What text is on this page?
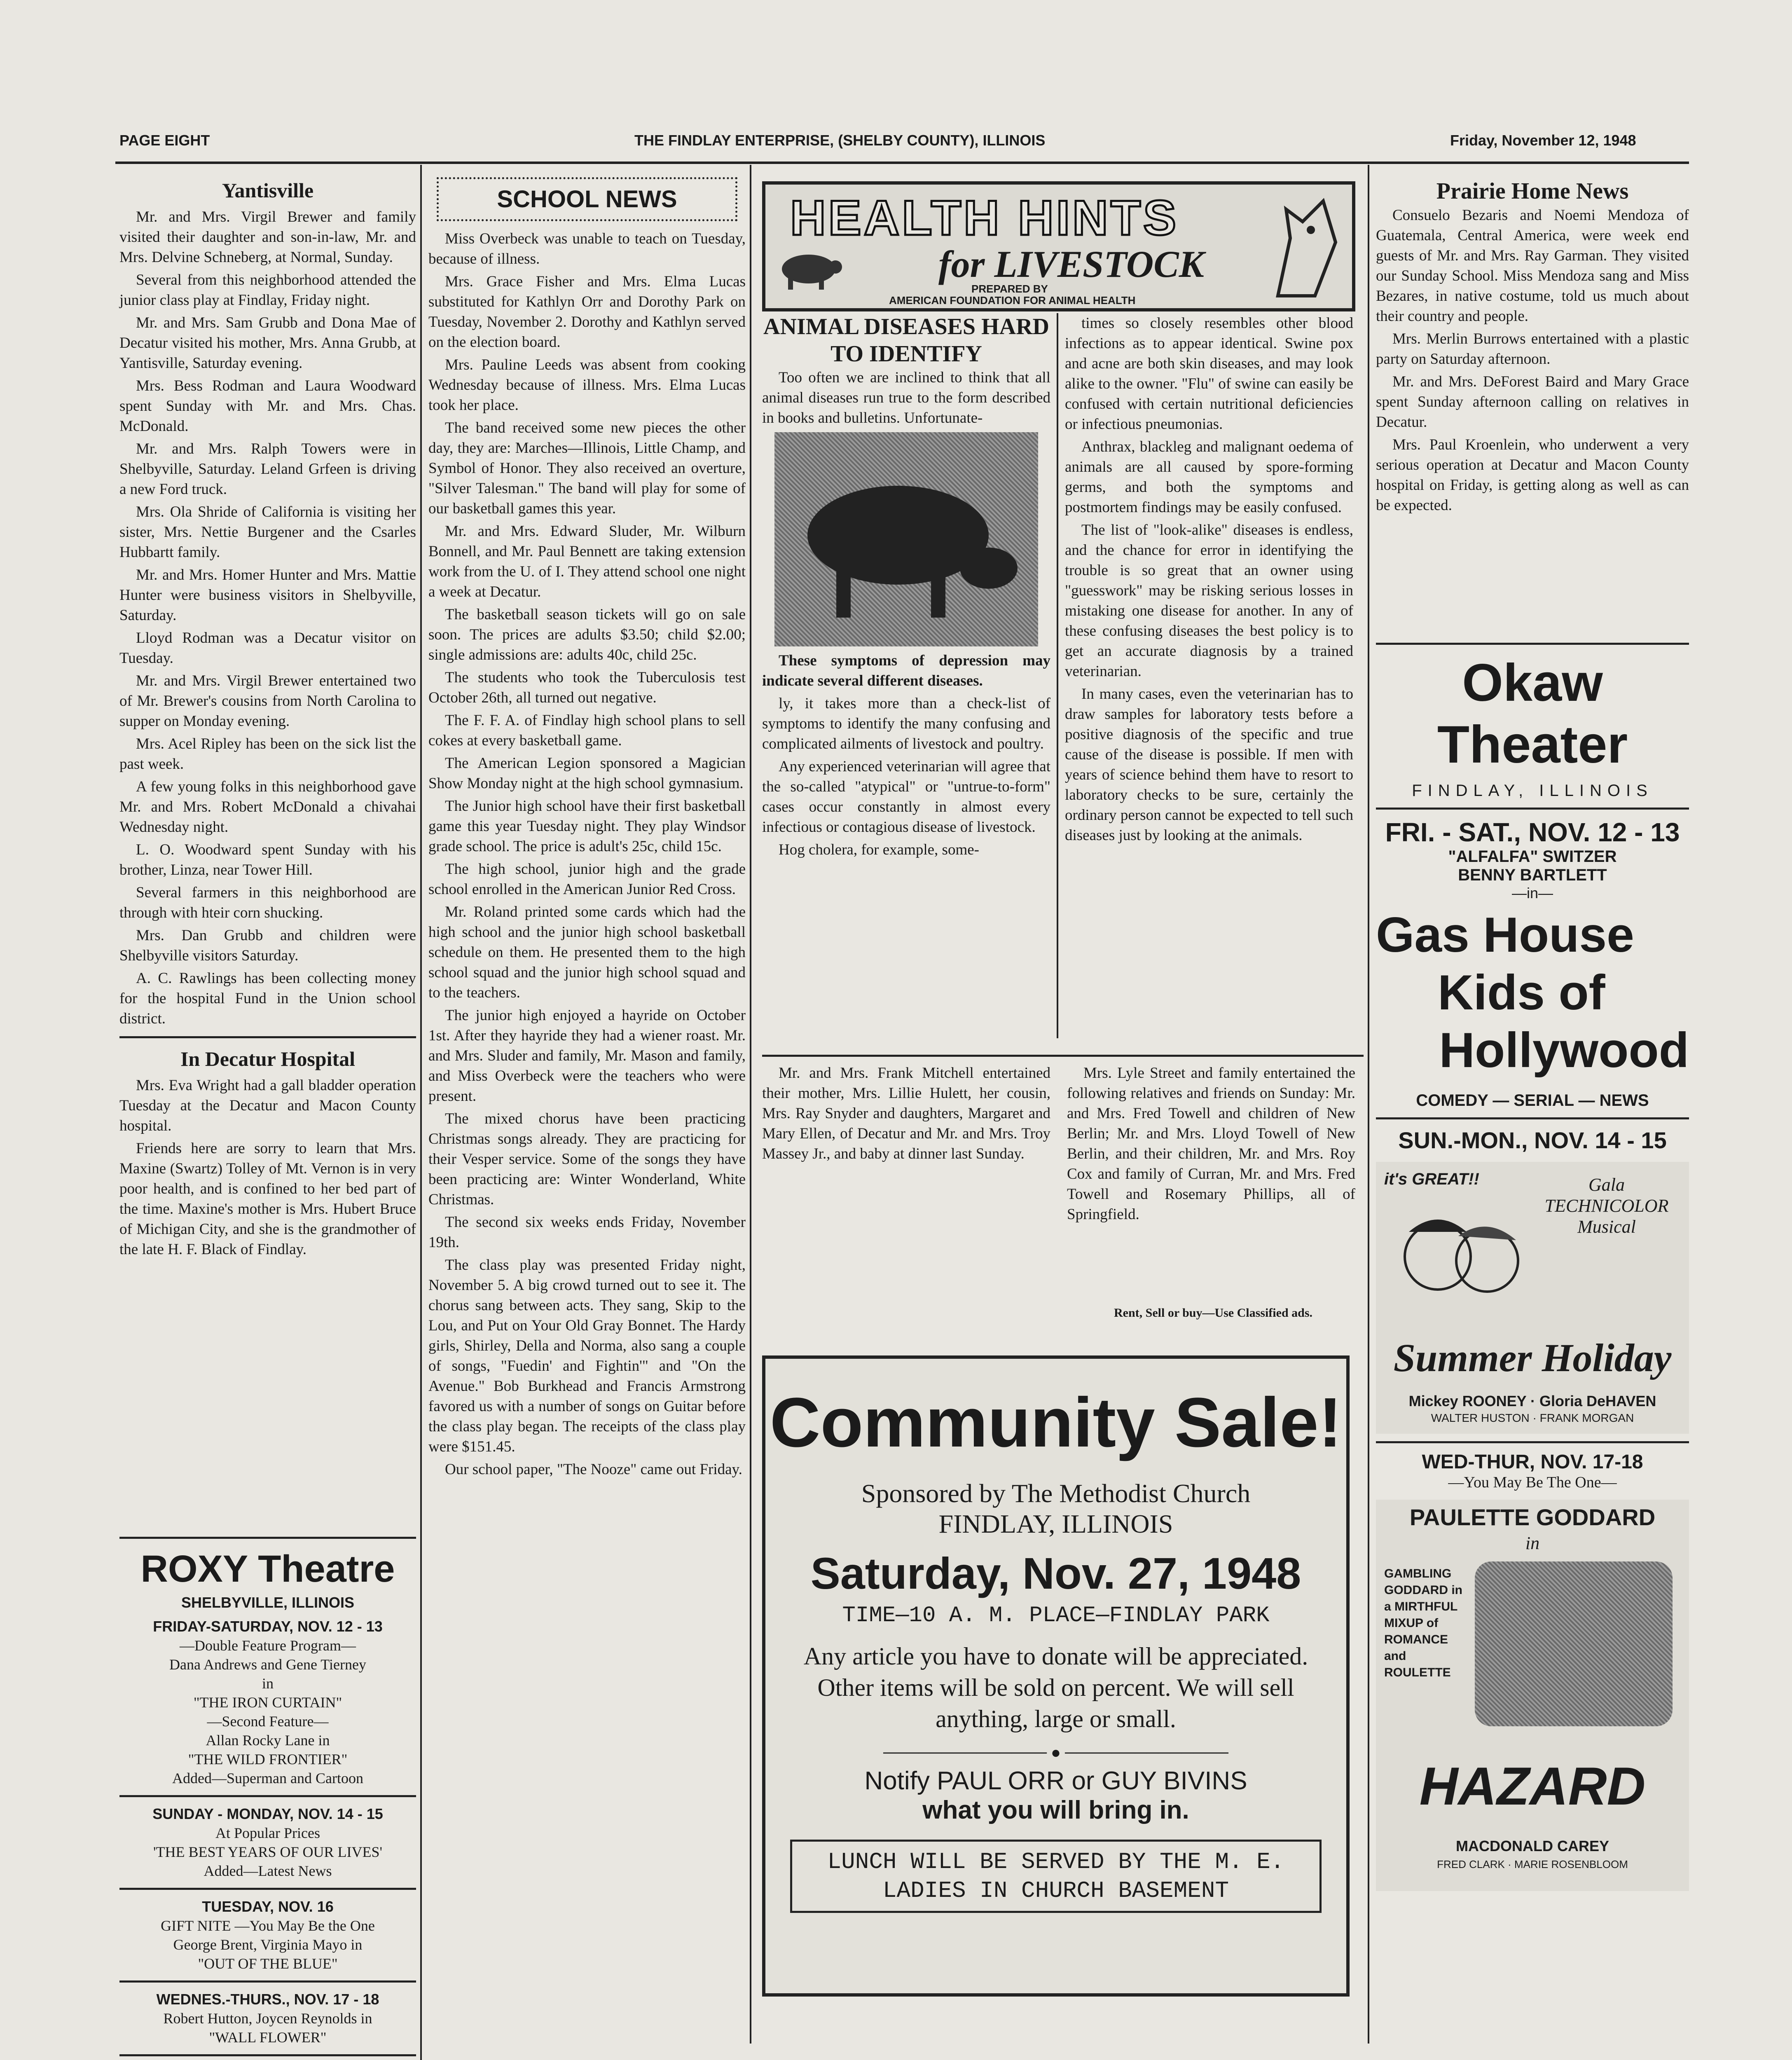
PAGE EIGHT	THE FINDLAY ENTERPRISE, (SHELBY COUNTY), ILLINOIS	Friday, November 12, 1948
Yantisville

Mr. and Mrs. Virgil Brewer and family visited their daughter and son-in-law, Mr. and Mrs. Delvine Schneberg, at Normal, Sunday.

Several from this neighborhood attended the junior class play at Findlay, Friday night.

Mr. and Mrs. Sam Grubb and Dona Mae of Decatur visited his mother, Mrs. Anna Grubb, at Yantisville, Saturday evening.

Mrs. Bess Rodman and Laura Woodward spent Sunday with Mr. and Mrs. Chas. McDonald.

Mr. and Mrs. Ralph Towers were in Shelbyville, Saturday. Leland Grfeen is driving a new Ford truck.

Mrs. Ola Shride of California is visiting her sister, Mrs. Nettie Burgener and the Csarles Hubbartt family.

Mr. and Mrs. Homer Hunter and Mrs. Mattie Hunter were business visitors in Shelbyville, Saturday.

Lloyd Rodman was a Decatur visitor on Tuesday.

Mr. and Mrs. Virgil Brewer entertained two of Mr. Brewer's cousins from North Carolina to supper on Monday evening.

Mrs. Acel Ripley has been on the sick list the past week.

A few young folks in this neighborhood gave Mr. and Mrs. Robert McDonald a chivahai Wednesday night.

L. O. Woodward spent Sunday with his brother, Linza, near Tower Hill.

Several farmers in this neighborhood are through with hteir corn shucking.

Mrs. Dan Grubb and children were Shelbyville visitors Saturday.

A. C. Rawlings has been collecting money for the hospital Fund in the Union school district.

In Decatur Hospital

Mrs. Eva Wright had a gall bladder operation Tuesday at the Decatur and Macon County hospital.

Friends here are sorry to learn that Mrs. Maxine (Swartz) Tolley of Mt. Vernon is in very poor health, and is confined to her bed part of the time. Maxine's mother is Mrs. Hubert Bruce of Michigan City, and she is the grandmother of the late H. F. Black of Findlay.

ROXY Theatre
SHELBYVILLE, ILLINOIS
FRIDAY-SATURDAY, NOV. 12 - 13
—Double Feature Program—
Dana Andrews and Gene Tierney
in
"THE IRON CURTAIN"
—Second Feature—
Allan Rocky Lane in
"THE WILD FRONTIER"
Added—Superman and Cartoon
SUNDAY - MONDAY, NOV. 14 - 15
At Popular Prices
'THE BEST YEARS OF OUR LIVES'
Added—Latest News
TUESDAY, NOV. 16
GIFT NITE —You May Be the One
George Brent, Virginia Mayo in
"OUT OF THE BLUE"
WEDNES.-THURS., NOV. 17 - 18
Robert Hutton, Joycen Reynolds in
"WALL FLOWER"
SCHOOL NEWS

Miss Overbeck was unable to teach on Tuesday, because of illness.

Mrs. Grace Fisher and Mrs. Elma Lucas substituted for Kathlyn Orr and Dorothy Park on Tuesday, November 2. Dorothy and Kathlyn served on the election board.

Mrs. Pauline Leeds was absent from cooking Wednesday because of illness. Mrs. Elma Lucas took her place.

The band received some new pieces the other day, they are: Marches—Illinois, Little Champ, and Symbol of Honor. They also received an overture, "Silver Talesman." The band will play for some of our basketball games this year.

Mr. and Mrs. Edward Sluder, Mr. Wilburn Bonnell, and Mr. Paul Bennett are taking extension work from the U. of I. They attend school one night a week at Decatur.

The basketball season tickets will go on sale soon. The prices are adults $3.50; child $2.00; single admissions are: adults 40c, child 25c.

The students who took the Tuberculosis test October 26th, all turned out negative.

The F. F. A. of Findlay high school plans to sell cokes at every basketball game.

The American Legion sponsored a Magician Show Monday night at the high school gymnasium.

The Junior high school have their first basketball game this year Tuesday night. They play Windsor grade school. The price is adult's 25c, child 15c.

The high school, junior high and the grade school enrolled in the American Junior Red Cross.

Mr. Roland printed some cards which had the high school and the junior high school basketball schedule on them. He presented them to the high school squad and the junior high school squad and to the teachers.

The junior high enjoyed a hayride on October 1st. After they hayride they had a wiener roast. Mr. and Mrs. Sluder and family, Mr. Mason and family, and Miss Overbeck were the teachers who were present.

The mixed chorus have been practicing Christmas songs already. They are practicing for their Vesper service. Some of the songs they have been practicing are: Winter Wonderland, White Christmas.

The second six weeks ends Friday, November 19th.

The class play was presented Friday night, November 5. A big crowd turned out to see it. The chorus sang between acts. They sang, Skip to the Lou, and Put on Your Old Gray Bonnet. The Hardy girls, Shirley, Della and Norma, also sang a couple of songs, "Fuedin' and Fightin'" and "On the Avenue." Bob Burkhead and Francis Armstrong favored us with a number of songs on Guitar before the class play began. The receipts of the class play were $151.45.

Our school paper, "The Nooze" came out Friday.

HEALTH HINTS
for LIVESTOCK
PREPARED BY
AMERICAN FOUNDATION FOR ANIMAL HEALTH
ANIMAL DISEASES HARD TO IDENTIFY

Too often we are inclined to think that all animal diseases run true to the form described in books and bulletins. Unfortunate-

These symptoms of depression may indicate several different diseases.

ly, it takes more than a check-list of symptoms to identify the many confusing and complicated ailments of livestock and poultry.

Any experienced veterinarian will agree that the so-called "atypical" or "untrue-to-form" cases occur constantly in almost every infectious or contagious disease of livestock.

Hog cholera, for example, some-

times so closely resembles other blood infections as to appear identical. Swine pox and acne are both skin diseases, and may look alike to the owner. "Flu" of swine can easily be confused with certain nutritional deficiencies or infectious pneumonias.

Anthrax, blackleg and malignant oedema of animals are all caused by spore-forming germs, and both the symptoms and postmortem findings may be easily confused.

The list of "look-alike" diseases is endless, and the chance for error in identifying the trouble is so great that an owner using "guesswork" may be risking serious losses in mistaking one disease for another. In any of these confusing diseases the best policy is to get an accurate diagnosis by a trained veterinarian.

In many cases, even the veterinarian has to draw samples for laboratory tests before a positive diagnosis of the specific and true cause of the disease is possible. If men with years of science behind them have to resort to laboratory checks to be sure, certainly the ordinary person cannot be expected to tell such diseases just by looking at the animals.

Mr. and Mrs. Frank Mitchell entertained their mother, Mrs. Lillie Hulett, her cousin, Mrs. Ray Snyder and daughters, Margaret and Mary Ellen, of Decatur and Mr. and Mrs. Troy Massey Jr., and baby at dinner last Sunday.

Mrs. Lyle Street and family entertained the following relatives and friends on Sunday: Mr. and Mrs. Fred Towell and children of New Berlin; Mr. and Mrs. Lloyd Towell of New Berlin, and their children, Mr. and Mrs. Roy Cox and family of Curran, Mr. and Mrs. Fred Towell and Rosemary Phillips, all of Springfield.

Rent, Sell or buy—Use Classified ads.
Community Sale!
Sponsored by The Methodist Church
FINDLAY, ILLINOIS
Saturday, Nov. 27, 1948
TIME—10 A. M. PLACE—FINDLAY PARK
Any article you have to donate will be appreciated. Other items will be sold on percent. We will sell anything, large or small.
────────────── ● ──────────────
Notify PAUL ORR or GUY BIVINS
what you will bring in.
LUNCH WILL BE SERVED BY THE M. E. LADIES IN CHURCH BASEMENT
Prairie Home News

Consuelo Bezaris and Noemi Mendoza of Guatemala, Central America, were week end guests of Mr. and Mrs. Ray Garman. They visited our Sunday School. Miss Mendoza sang and Miss Bezares, in native costume, told us much about their country and people.

Mrs. Merlin Burrows entertained with a plastic party on Saturday afternoon.

Mr. and Mrs. DeForest Baird and Mary Grace spent Sunday afternoon calling on relatives in Decatur.

Mrs. Paul Kroenlein, who underwent a very serious operation at Decatur and Macon County hospital on Friday, is getting along as well as can be expected.

Okaw Theater
FINDLAY, ILLINOIS
FRI. - SAT., NOV. 12 - 13
"ALFALFA" SWITZER
BENNY BARTLETT
—in—
Gas House
Kids of
Hollywood
COMEDY — SERIAL — NEWS
SUN.-MON., NOV. 14 - 15
it's GREAT!!	Gala TECHNICOLOR Musical
Summer Holiday
Mickey ROONEY · Gloria DeHAVEN
WALTER HUSTON · FRANK MORGAN
WED-THUR, NOV. 17-18
—You May Be The One—
PAULETTE GODDARD
in
GAMBLING GODDARD in a MIRTHFUL MIXUP of ROMANCE and ROULETTE
HAZARD
MACDONALD CAREY
FRED CLARK · MARIE ROSENBLOOM
